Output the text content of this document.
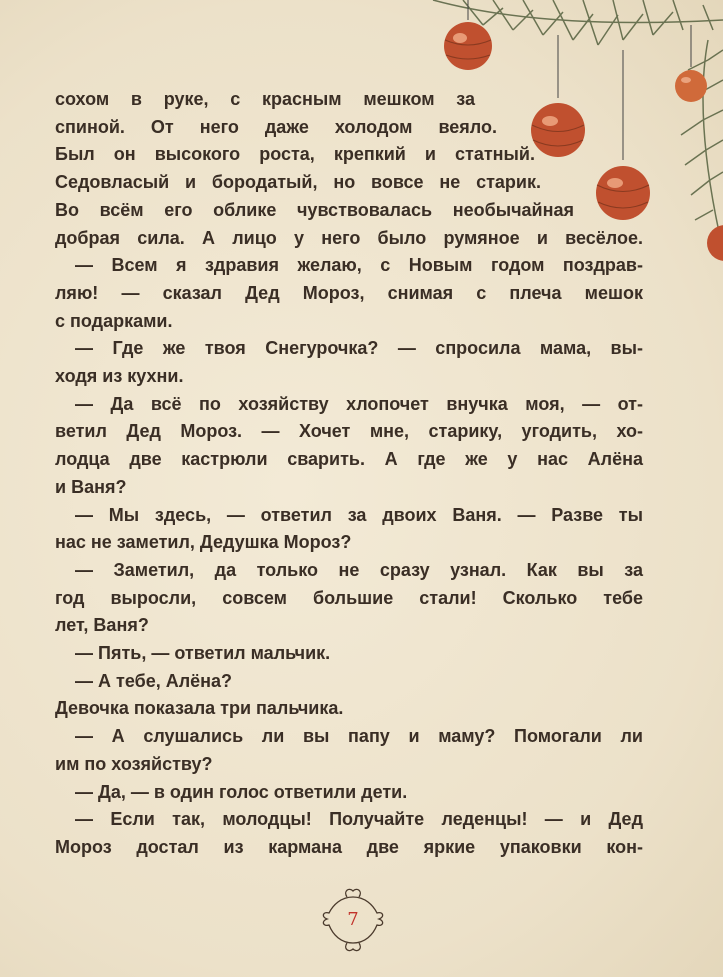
сохом в руке, с красным мешком за
спиной. От него даже холодом веяло.
Был он высокого роста, крепкий и статный.
Седовласый и бородатый, но вовсе не старик.
Во всём его облике чувствовалась необычайная
добрая сила. А лицо у него было румяное и весёлое.
— Всем я здравия желаю, с Новым годом поздрав-
ляю! — сказал Дед Мороз, снимая с плеча мешок
с подарками.
— Где же твоя Снегурочка? — спросила мама, вы-
ходя из кухни.
— Да всё по хозяйству хлопочет внучка моя, — от-
ветил Дед Мороз. — Хочет мне, старику, угодить, хо-
лодца две кастрюли сварить. А где же у нас Алёна
и Ваня?
— Мы здесь, — ответил за двоих Ваня. — Разве ты
нас не заметил, Дедушка Мороз?
— Заметил, да только не сразу узнал. Как вы за
год выросли, совсем большие стали! Сколько тебе
лет, Ваня?
— Пять, — ответил мальчик.
— А тебе, Алёна?
Девочка показала три пальчика.
— А слушались ли вы папу и маму? Помогали ли
им по хозяйству?
— Да, — в один голос ответили дети.
— Если так, молодцы! Получайте леденцы! — и Дед
Мороз достал из кармана две яркие упаковки кон-
7
